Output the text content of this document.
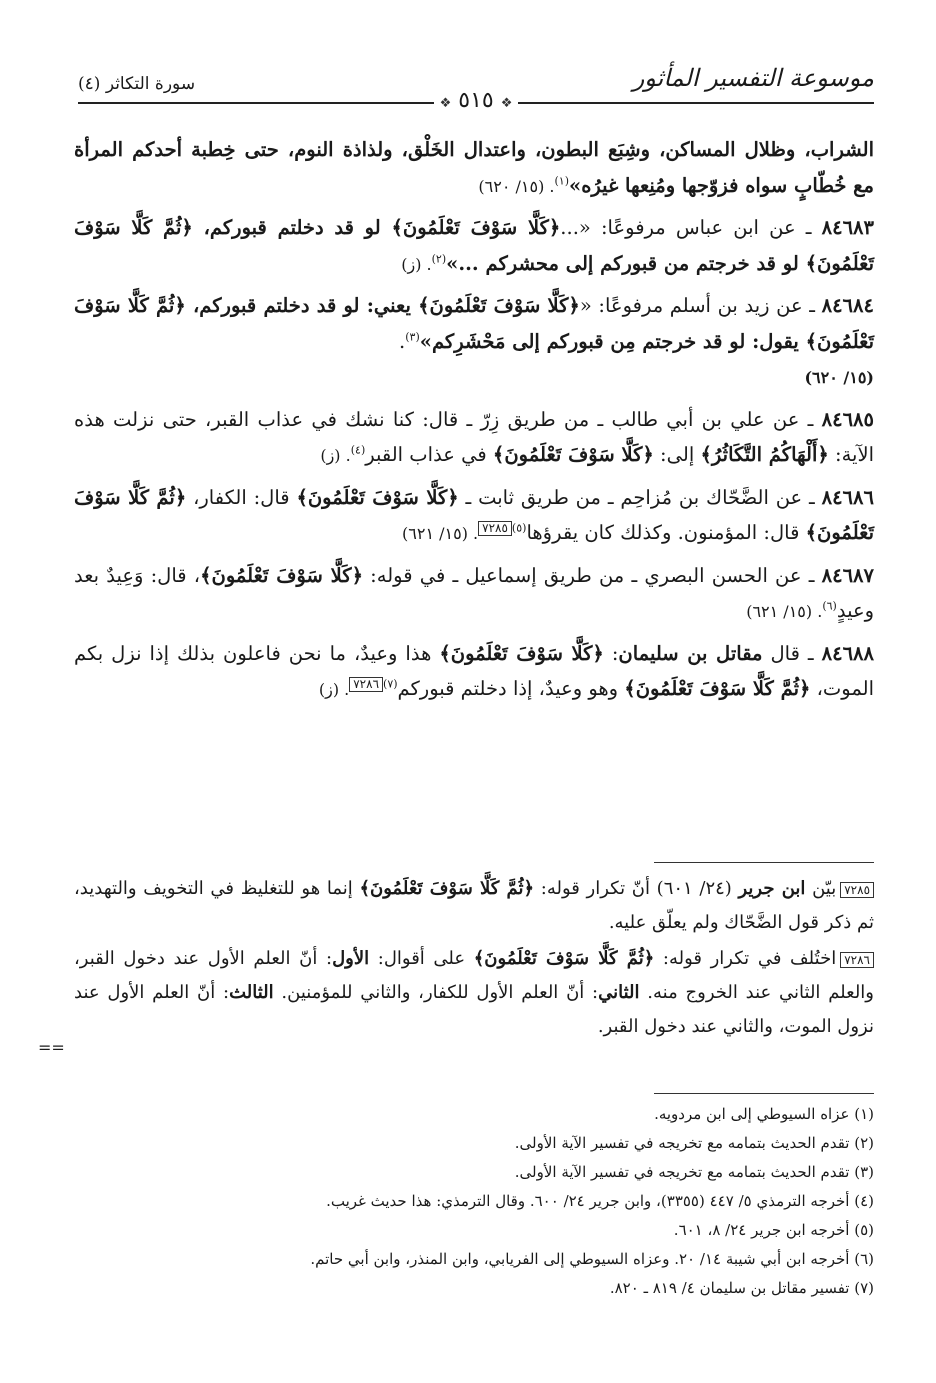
موسوعة التفسير المأثور
سورة التكاثر (٤)
❖ ٥١٥ ❖

الشراب، وظلال المساكن، وشِبَع البطون، واعتدال الخَلْق، ولذاذة النوم، حتى خِطبة أحدكم المرأة مع خُطّابٍ سواه فزوّجها ومُنِعها غيرُه»$^{(١)}$. (١٥/ ٦٢٠)

٨٤٦٨٣ ـ عن ابن عباس مرفوعًا: «...﴿كَلَّا سَوْفَ تَعْلَمُونَ﴾ لو قد دخلتم قبوركم، ﴿ثُمَّ كَلَّا سَوْفَ تَعْلَمُونَ﴾ لو قد خرجتم من قبوركم إلى محشركم ...»$^{(٢)}$. (ز)

٨٤٦٨٤ ـ عن زيد بن أسلم مرفوعًا: «﴿كَلَّا سَوْفَ تَعْلَمُونَ﴾ يعني: لو قد دخلتم قبوركم، ﴿ثُمَّ كَلَّا سَوْفَ تَعْلَمُونَ﴾ يقول: لو قد خرجتم مِن قبوركم إلى مَحْشَرِكم»$^{(٣)}$.
(١٥/ ٦٢٠)

٨٤٦٨٥ ـ عن علي بن أبي طالب ـ من طريق زِرّ ـ قال: كنا نشك في عذاب القبر، حتى نزلت هذه الآية: ﴿أَلْهَاكُمُ التَّكَاثُرُ﴾ إلى: ﴿كَلَّا سَوْفَ تَعْلَمُونَ﴾ في عذاب القبر$^{(٤)}$. (ز)

٨٤٦٨٦ ـ عن الضَّحّاك بن مُزاحِم ـ من طريق ثابت ـ ﴿كَلَّا سَوْفَ تَعْلَمُونَ﴾ قال: الكفار، ﴿ثُمَّ كَلَّا سَوْفَ تَعْلَمُونَ﴾ قال: المؤمنون. وكذلك كان يقرؤها$^{(٥)}$٧٢٨٥. (١٥/ ٦٢١)

٨٤٦٨٧ ـ عن الحسن البصري ـ من طريق إسماعيل ـ في قوله: ﴿كَلَّا سَوْفَ تَعْلَمُونَ﴾، قال: وَعِيدٌ بعد وعيدٍ$^{(٦)}$. (١٥/ ٦٢١)

٨٤٦٨٨ ـ قال مقاتل بن سليمان: ﴿كَلَّا سَوْفَ تَعْلَمُونَ﴾ هذا وعيدٌ، ما نحن فاعلون بذلك إذا نزل بكم الموت، ﴿ثُمَّ كَلَّا سَوْفَ تَعْلَمُونَ﴾ وهو وعيدٌ، إذا دخلتم قبوركم$^{(٧)}$٧٢٨٦. (ز)

٧٢٨٥بيّن ابن جرير (٢٤/ ٦٠١) أنّ تكرار قوله: ﴿ثُمَّ كَلَّا سَوْفَ تَعْلَمُونَ﴾ إنما هو للتغليظ في التخويف والتهديد، ثم ذكر قول الضَّحّاك ولم يعلّق عليه.

٧٢٨٦اختُلف في تكرار قوله: ﴿ثُمَّ كَلَّا سَوْفَ تَعْلَمُونَ﴾ على أقوال: الأول: أنّ العلم الأول عند دخول القبر، والعلم الثاني عند الخروج منه. الثاني: أنّ العلم الأول للكفار، والثاني للمؤمنين. الثالث: أنّ العلم الأول عند نزول الموت، والثاني عند دخول القبر.

==
(١) عزاه السيوطي إلى ابن مردويه.
(٢) تقدم الحديث بتمامه مع تخريجه في تفسير الآية الأولى.
(٣) تقدم الحديث بتمامه مع تخريجه في تفسير الآية الأولى.
(٤) أخرجه الترمذي ٥/ ٤٤٧ (٣٣٥٥)، وابن جرير ٢٤/ ٦٠٠. وقال الترمذي: هذا حديث غريب.
(٥) أخرجه ابن جرير ٢٤/ ٨، ٦٠١.
(٦) أخرجه ابن أبي شيبة ١٤/ ٢٠. وعزاه السيوطي إلى الفريابي، وابن المنذر، وابن أبي حاتم.
(٧) تفسير مقاتل بن سليمان ٤/ ٨١٩ ـ ٨٢٠.
